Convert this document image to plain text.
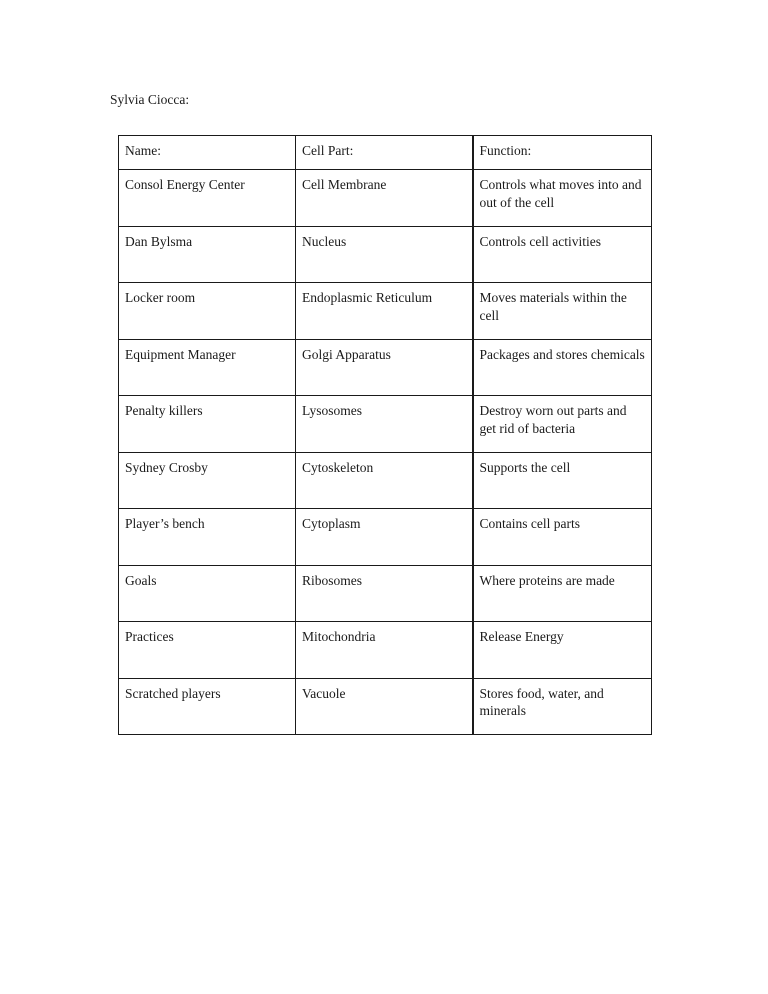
Sylvia Ciocca:

Name:	Cell Part:	Function:
Consol Energy Center	Cell Membrane	Controls what moves into and out of the cell
Dan Bylsma	Nucleus	Controls cell activities
Locker room	Endoplasmic Reticulum	Moves materials within the cell
Equipment Manager	Golgi Apparatus	Packages and stores chemicals
Penalty killers	Lysosomes	Destroy worn out parts and get rid of bacteria
Sydney Crosby	Cytoskeleton	Supports the cell
Player’s bench	Cytoplasm	Contains cell parts
Goals	Ribosomes	Where proteins are made
Practices	Mitochondria	Release Energy
Scratched players	Vacuole	Stores food, water, and minerals
